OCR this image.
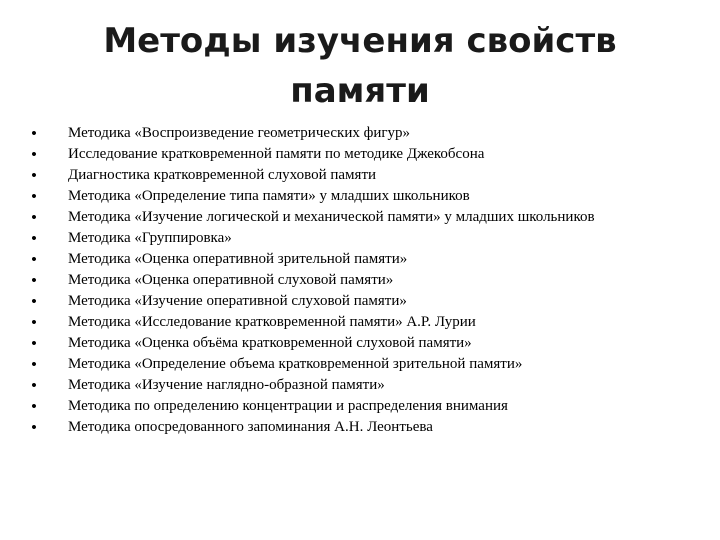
Методы изучения свойств
памяти
• Методика «Воспроизведение геометрических фигур»
• Исследование кратковременной памяти по методике Джекобсона
• Диагностика кратковременной слуховой памяти
• Методика «Определение типа памяти» у младших школьников
• Методика «Изучение логической и механической памяти» у младших школьников
• Методика «Группировка»
• Методика «Оценка оперативной зрительной памяти»
• Методика «Оценка оперативной слуховой памяти»
• Методика «Изучение оперативной слуховой памяти»
• Методика «Исследование кратковременной памяти» А.Р. Лурии
• Методика «Оценка объёма кратковременной слуховой памяти»
• Методика «Определение объема кратковременной зрительной памяти»
• Методика «Изучение наглядно-образной памяти»
• Методика по определению концентрации и распределения внимания
• Методика опосредованного запоминания А.Н. Леонтьева
